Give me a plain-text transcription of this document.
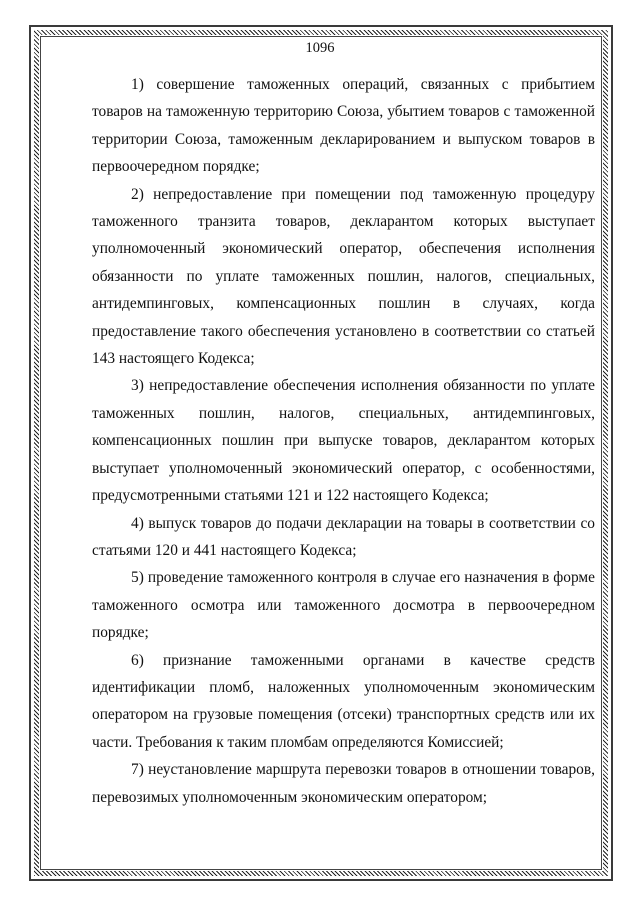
1096

1) совершение таможенных операций, связанных с прибытием товаров на таможенную территорию Союза, убытием товаров с таможенной территории Союза, таможенным декларированием и выпуском товаров в первоочередном порядке;

2) непредоставление при помещении под таможенную процедуру таможенного транзита товаров, декларантом которых выступает уполномоченный экономический оператор, обеспечения исполнения обязанности по уплате таможенных пошлин, налогов, специальных, антидемпинговых, компенсационных пошлин в случаях, когда предоставление такого обеспечения установлено в соответствии со статьей 143 настоящего Кодекса;

3) непредоставление обеспечения исполнения обязанности по уплате таможенных пошлин, налогов, специальных, антидемпинговых, компенсационных пошлин при выпуске товаров, декларантом которых выступает уполномоченный экономический оператор, с особенностями, предусмотренными статьями 121 и 122 настоящего Кодекса;

4) выпуск товаров до подачи декларации на товары в соответствии со статьями 120 и 441 настоящего Кодекса;

5) проведение таможенного контроля в случае его назначения в форме таможенного осмотра или таможенного досмотра в первоочередном порядке;

6) признание таможенными органами в качестве средств идентификации пломб, наложенных уполномоченным экономическим оператором на грузовые помещения (отсеки) транспортных средств или их части. Требования к таким пломбам определяются Комиссией;

7) неустановление маршрута перевозки товаров в отношении товаров, перевозимых уполномоченным экономическим оператором;
